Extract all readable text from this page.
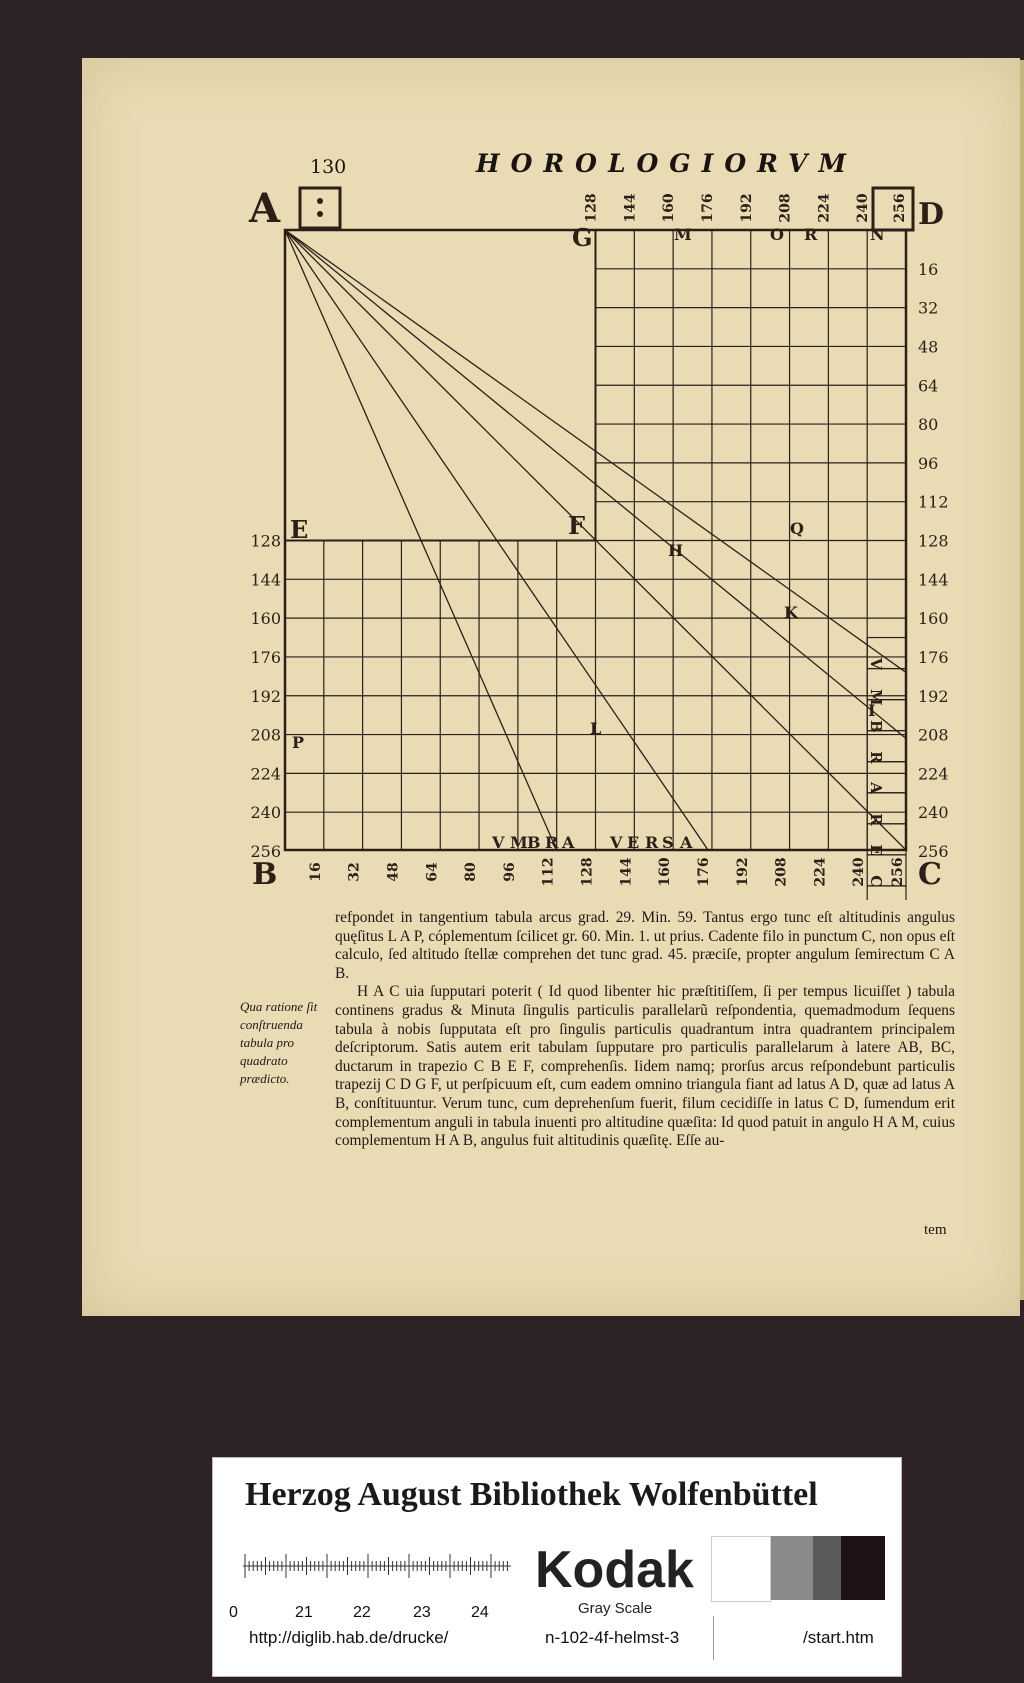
130	HOROLOGIORVM
A	D
B	C
G	M	O R	N
E	F
H
Q
K
I
L
P
128 144 160 176 192 208 224 240 256
16
32
48
64
80
96
112
128
144
160
176
192
208
224
240
256
128
144
160
176
192
208
224
240
256
16 32 48 64 80 96 112 128 144 160 176 192 208 224 240 256
V
M
B
R
A
R
E
C
V M B R A V E R S A

refpondet in tangentium tabula arcus grad. 29. Min. 59. Tantus ergo tunc eſt altitudinis angulus quęſitus L A P, cóplementum ſcilicet gr. 60. Min. 1. ut prius. Cadente filo in punctum C, non opus eſt calculo, ſed altitudo ſtellæ comprehen det tunc grad. 45. præciſe, propter angulum ſemirectum C A B.

H A C uia ſupputari poterit ( Id quod libenter hic præſtitiſſem, ſi per tempus licuiſſet ) tabula continens gradus & Minuta ſingulis particulis parallelarũ reſpondentia, quemadmodum ſequens tabula à nobis ſupputata eſt pro ſingulis particulis quadrantum intra quadrantem principalem deſcriptorum. Satis autem erit tabulam ſupputare pro particulis parallelarum à latere AB, BC, ductarum in trapezio C B E F, comprehenſis. Iidem namq; prorſus arcus reſpondebunt particulis trapezij C D G F, ut perſpicuum eſt, cum eadem omnino triangula fiant ad latus A D, quæ ad latus A B, conſtituuntur. Verum tunc, cum deprehenſum fuerit, filum cecidiſſe in latus C D, ſumendum erit complementum anguli in tabula inuenti pro altitudine quæſita: Id quod patuit in angulo H A M, cuius complementum H A B, angulus fuit altitudinis quæſitę. Eſſe au-

Qua ratione ſit conſtruenda tabula pro quadrato prædicto.
tem
Herzog August Bibliothek Wolfenbüttel
0	21	22	23	24
Kodak
Gray Scale
http://diglib.hab.de/drucke/	n-102-4f-helmst-3	/start.htm
